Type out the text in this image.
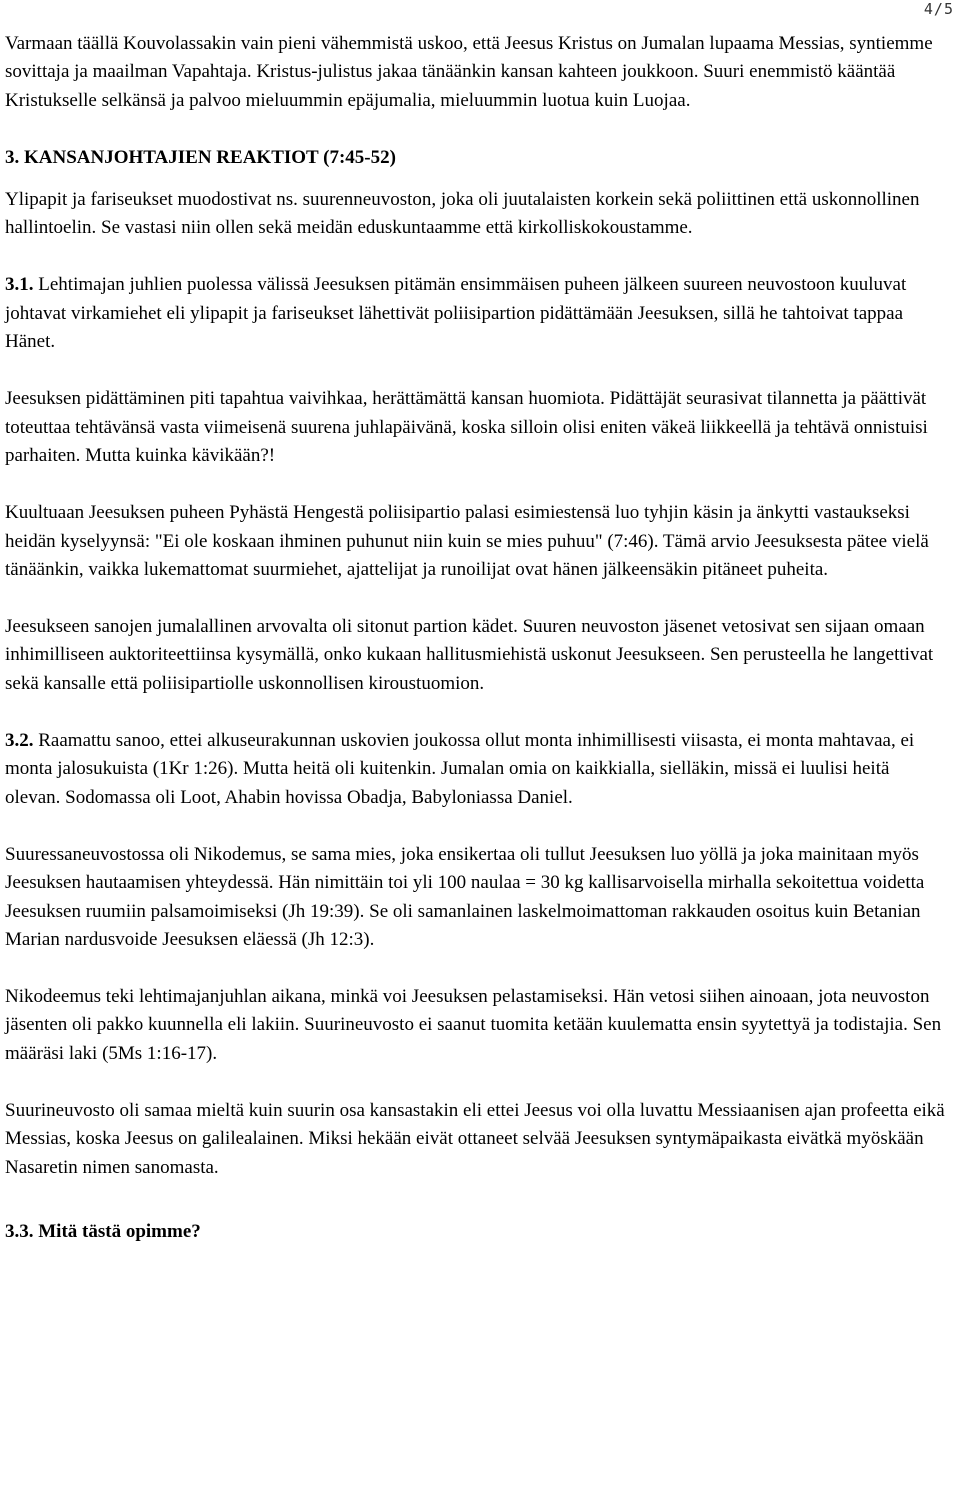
4/5

Varmaan täällä Kouvolassakin vain pieni vähemmistä uskoo, että Jeesus Kristus on Jumalan lupaama Messias, syntiemme sovittaja ja maailman Vapahtaja. Kristus-julistus jakaa tänäänkin kansan kahteen joukkoon. Suuri enemmistö kääntää Kristukselle selkänsä ja palvoo mieluummin epäjumalia, mieluummin luotua kuin Luojaa.

3. KANSANJOHTAJIEN REAKTIOT (7:45-52)

Ylipapit ja fariseukset muodostivat ns. suurenneuvoston, joka oli juutalaisten korkein sekä poliittinen että uskonnollinen hallintoelin. Se vastasi niin ollen sekä meidän eduskuntaamme että kirkolliskokoustamme.

3.1. Lehtimajan juhlien puolessa välissä Jeesuksen pitämän ensimmäisen puheen jälkeen suureen neuvostoon kuuluvat johtavat virkamiehet eli ylipapit ja fariseukset lähettivät poliisipartion pidättämään Jeesuksen, sillä he tahtoivat tappaa Hänet.

Jeesuksen pidättäminen piti tapahtua vaivihkaa, herättämättä kansan huomiota. Pidättäjät seurasivat tilannetta ja päättivät toteuttaa tehtävänsä vasta viimeisenä suurena juhlapäivänä, koska silloin olisi eniten väkeä liikkeellä ja tehtävä onnistuisi parhaiten. Mutta kuinka kävikään?!

Kuultuaan Jeesuksen puheen Pyhästä Hengestä poliisipartio palasi esimiestensä luo tyhjin käsin ja änkytti vastaukseksi heidän kyselyynsä: "Ei ole koskaan ihminen puhunut niin kuin se mies puhuu" (7:46). Tämä arvio Jeesuksesta pätee vielä tänäänkin, vaikka lukemattomat suurmiehet, ajattelijat ja runoilijat ovat hänen jälkeensäkin pitäneet puheita.

Jeesukseen sanojen jumalallinen arvovalta oli sitonut partion kädet. Suuren neuvoston jäsenet vetosivat sen sijaan omaan inhimilliseen auktoriteettiinsa kysymällä, onko kukaan hallitusmiehistä uskonut Jeesukseen. Sen perusteella he langettivat sekä kansalle että poliisipartiolle uskonnollisen kiroustuomion.

3.2. Raamattu sanoo, ettei alkuseurakunnan uskovien joukossa ollut monta inhimillisesti viisasta, ei monta mahtavaa, ei monta jalosukuista (1Kr 1:26). Mutta heitä oli kuitenkin. Jumalan omia on kaikkialla, sielläkin, missä ei luulisi heitä olevan. Sodomassa oli Loot, Ahabin hovissa Obadja, Babyloniassa Daniel.

Suuressaneuvostossa oli Nikodemus, se sama mies, joka ensikertaa oli tullut Jeesuksen luo yöllä ja joka mainitaan myös Jeesuksen hautaamisen yhteydessä. Hän nimittäin toi yli 100 naulaa = 30 kg kallisarvoisella mirhalla sekoitettua voidetta Jeesuksen ruumiin palsamoimiseksi (Jh 19:39). Se oli samanlainen laskelmoimattoman rakkauden osoitus kuin Betanian Marian nardusvoide Jeesuksen eläessä (Jh 12:3).

Nikodeemus teki lehtimajanjuhlan aikana, minkä voi Jeesuksen pelastamiseksi. Hän vetosi siihen ainoaan, jota neuvoston jäsenten oli pakko kuunnella eli lakiin. Suurineuvosto ei saanut tuomita ketään kuulematta ensin syytettyä ja todistajia. Sen määräsi laki (5Ms 1:16-17).

Suurineuvosto oli samaa mieltä kuin suurin osa kansastakin eli ettei Jeesus voi olla luvattu Messiaanisen ajan profeetta eikä Messias, koska Jeesus on galilealainen. Miksi hekään eivät ottaneet selvää Jeesuksen syntymäpaikasta eivätkä myöskään Nasaretin nimen sanomasta.

3.3. Mitä tästä opimme?
